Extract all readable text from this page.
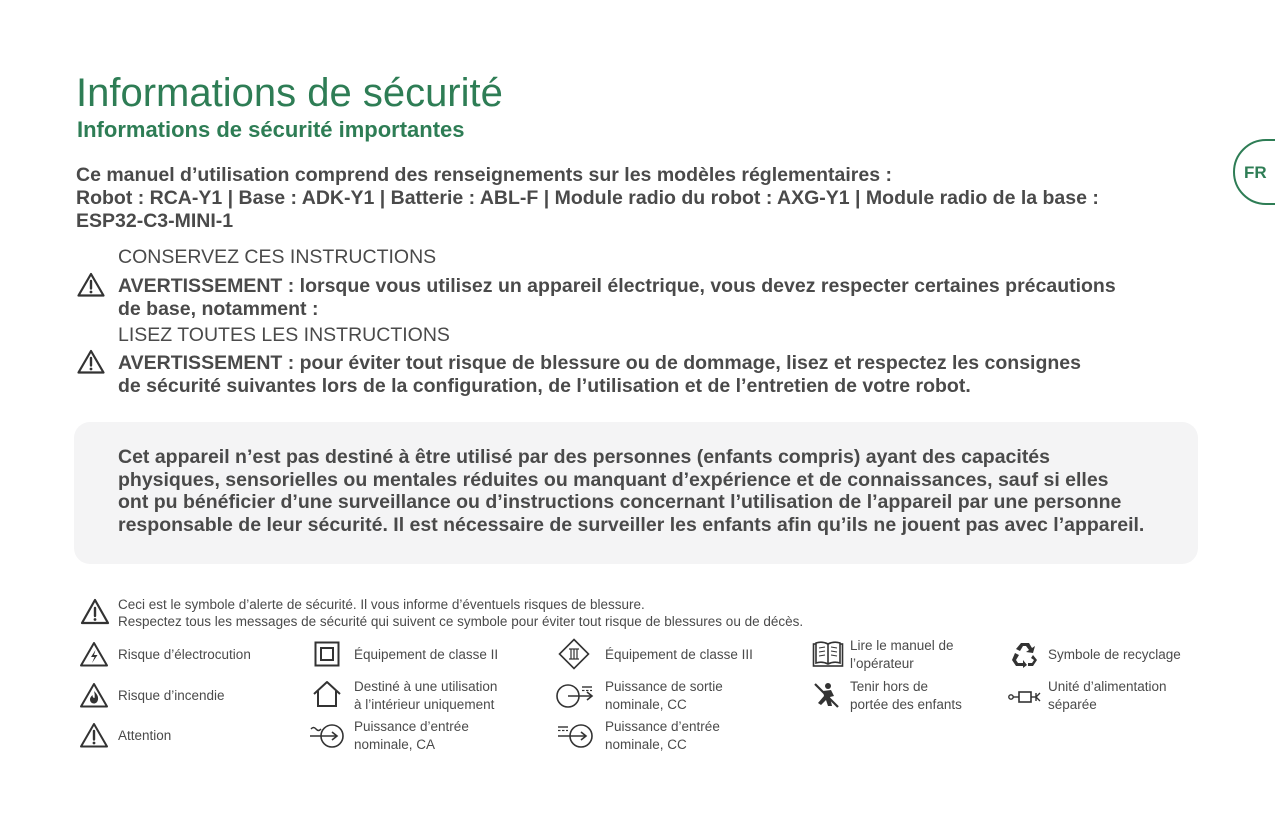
Informations de sécurité
Informations de sécurité importantes
FR
Ce manuel d’utilisation comprend des renseignements sur les modèles réglementaires :
Robot : RCA-Y1 | Base : ADK-Y1 | Batterie : ABL-F | Module radio du robot : AXG-Y1 | Module radio de la base :
ESP32-C3-MINI-1
CONSERVEZ CES INSTRUCTIONS
AVERTISSEMENT : lorsque vous utilisez un appareil électrique, vous devez respecter certaines précautions
de base, notamment :
LISEZ TOUTES LES INSTRUCTIONS
AVERTISSEMENT : pour éviter tout risque de blessure ou de dommage, lisez et respectez les consignes
de sécurité suivantes lors de la configuration, de l’utilisation et de l’entretien de votre robot.
Cet appareil n’est pas destiné à être utilisé par des personnes (enfants compris) ayant des capacités
physiques, sensorielles ou mentales réduites ou manquant d’expérience et de connaissances, sauf si elles
ont pu bénéficier d’une surveillance ou d’instructions concernant l’utilisation de l’appareil par une personne
responsable de leur sécurité. Il est nécessaire de surveiller les enfants afin qu’ils ne jouent pas avec l’appareil.
Ceci est le symbole d’alerte de sécurité. Il vous informe d’éventuels risques de blessure.
Respectez tous les messages de sécurité qui suivent ce symbole pour éviter tout risque de blessures ou de décès.
Risque d’électrocution
Risque d’incendie
Attention
Équipement de classe II
Destiné à une utilisation
à l’intérieur uniquement
Puissance d’entrée
nominale, CA
Équipement de classe III
Puissance de sortie
nominale, CC
Puissance d’entrée
nominale, CC
Lire le manuel de
l’opérateur
Tenir hors de
portée des enfants
Symbole de recyclage
Unité d’alimentation
séparée
